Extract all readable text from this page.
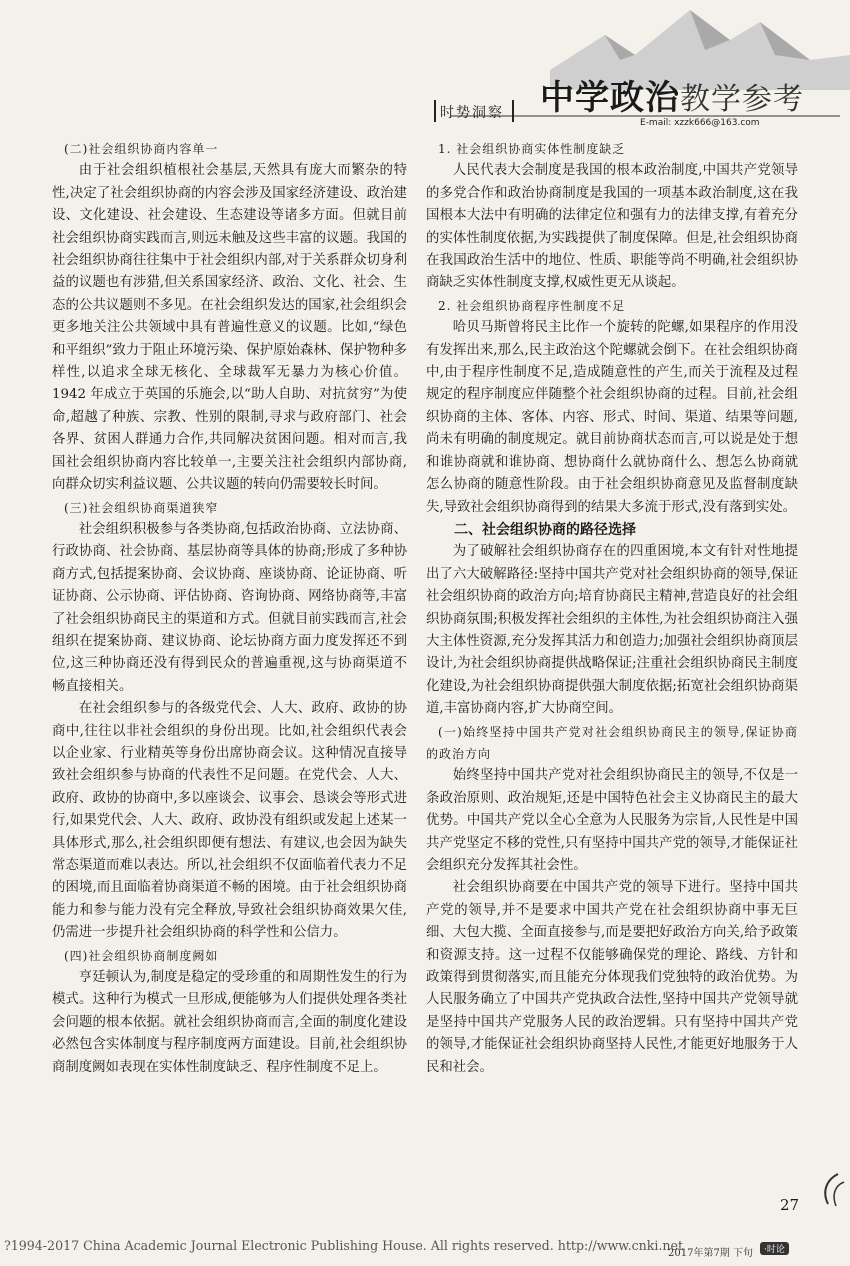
时势洞察 中学政治教学参考
E-mail: xzzk666@163.com
(二)社会组织协商内容单一

由于社会组织植根社会基层,天然具有庞大而繁杂的特性,决定了社会组织协商的内容会涉及国家经济建设、政治建设、文化建设、社会建设、生态建设等诸多方面。但就目前社会组织协商实践而言,则远未触及这些丰富的议题。我国的社会组织协商往往集中于社会组织内部,对于关系群众切身利益的议题也有涉猎,但关系国家经济、政治、文化、社会、生态的公共议题则不多见。在社会组织发达的国家,社会组织会更多地关注公共领域中具有普遍性意义的议题。比如,“绿色和平组织”致力于阻止环境污染、保护原始森林、保护物种多样性,以追求全球无核化、全球裁军无暴力为核心价值。1942 年成立于英国的乐施会,以“助人自助、对抗贫穷”为使命,超越了种族、宗教、性别的限制,寻求与政府部门、社会各界、贫困人群通力合作,共同解决贫困问题。相对而言,我国社会组织协商内容比较单一,主要关注社会组织内部协商,向群众切实利益议题、公共议题的转向仍需要较长时间。

(三)社会组织协商渠道狭窄

社会组织积极参与各类协商,包括政治协商、立法协商、行政协商、社会协商、基层协商等具体的协商;形成了多种协商方式,包括提案协商、会议协商、座谈协商、论证协商、听证协商、公示协商、评估协商、咨询协商、网络协商等,丰富了社会组织协商民主的渠道和方式。但就目前实践而言,社会组织在提案协商、建议协商、论坛协商方面力度发挥还不到位,这三种协商还没有得到民众的普遍重视,这与协商渠道不畅直接相关。

在社会组织参与的各级党代会、人大、政府、政协的协商中,往往以非社会组织的身份出现。比如,社会组织代表会以企业家、行业精英等身份出席协商会议。这种情况直接导致社会组织参与协商的代表性不足问题。在党代会、人大、政府、政协的协商中,多以座谈会、议事会、恳谈会等形式进行,如果党代会、人大、政府、政协没有组织或发起上述某一具体形式,那么,社会组织即便有想法、有建议,也会因为缺失常态渠道而难以表达。所以,社会组织不仅面临着代表力不足的困境,而且面临着协商渠道不畅的困境。由于社会组织协商能力和参与能力没有完全释放,导致社会组织协商效果欠佳,仍需进一步提升社会组织协商的科学性和公信力。

(四)社会组织协商制度阙如

亨廷顿认为,制度是稳定的受珍重的和周期性发生的行为模式。这种行为模式一旦形成,便能够为人们提供处理各类社会问题的根本依据。就社会组织协商而言,全面的制度化建设必然包含实体制度与程序制度两方面建设。目前,社会组织协商制度阙如表现在实体性制度缺乏、程序性制度不足上。

1. 社会组织协商实体性制度缺乏

人民代表大会制度是我国的根本政治制度,中国共产党领导的多党合作和政治协商制度是我国的一项基本政治制度,这在我国根本大法中有明确的法律定位和强有力的法律支撑,有着充分的实体性制度依据,为实践提供了制度保障。但是,社会组织协商在我国政治生活中的地位、性质、职能等尚不明确,社会组织协商缺乏实体性制度支撑,权威性更无从谈起。

2. 社会组织协商程序性制度不足

哈贝马斯曾将民主比作一个旋转的陀螺,如果程序的作用没有发挥出来,那么,民主政治这个陀螺就会倒下。在社会组织协商中,由于程序性制度不足,造成随意性的产生,而关于流程及过程规定的程序制度应伴随整个社会组织协商的过程。目前,社会组织协商的主体、客体、内容、形式、时间、渠道、结果等问题,尚未有明确的制度规定。就目前协商状态而言,可以说是处于想和谁协商就和谁协商、想协商什么就协商什么、想怎么协商就怎么协商的随意性阶段。由于社会组织协商意见及监督制度缺失,导致社会组织协商得到的结果大多流于形式,没有落到实处。

二、社会组织协商的路径选择

为了破解社会组织协商存在的四重困境,本文有针对性地提出了六大破解路径:坚持中国共产党对社会组织协商的领导,保证社会组织协商的政治方向;培育协商民主精神,营造良好的社会组织协商氛围;积极发挥社会组织的主体性,为社会组织协商注入强大主体性资源,充分发挥其活力和创造力;加强社会组织协商顶层设计,为社会组织协商提供战略保证;注重社会组织协商民主制度化建设,为社会组织协商提供强大制度依据;拓宽社会组织协商渠道,丰富协商内容,扩大协商空间。

(一)始终坚持中国共产党对社会组织协商民主的领导,保证协商的政治方向

始终坚持中国共产党对社会组织协商民主的领导,不仅是一条政治原则、政治规矩,还是中国特色社会主义协商民主的最大优势。中国共产党以全心全意为人民服务为宗旨,人民性是中国共产党坚定不移的党性,只有坚持中国共产党的领导,才能保证社会组织充分发挥其社会性。

社会组织协商要在中国共产党的领导下进行。坚持中国共产党的领导,并不是要求中国共产党在社会组织协商中事无巨细、大包大揽、全面直接参与,而是要把好政治方向关,给予政策和资源支持。这一过程不仅能够确保党的理论、路线、方针和政策得到贯彻落实,而且能充分体现我们党独特的政治优势。为人民服务确立了中国共产党执政合法性,坚持中国共产党领导就是坚持中国共产党服务人民的政治逻辑。只有坚持中国共产党的领导,才能保证社会组织协商坚持人民性,才能更好地服务于人民和社会。

27
?1994-2017 China Academic Journal Electronic Publishing House. All rights reserved. http://www.cnki.net
2017年第7期 下旬	·时论
